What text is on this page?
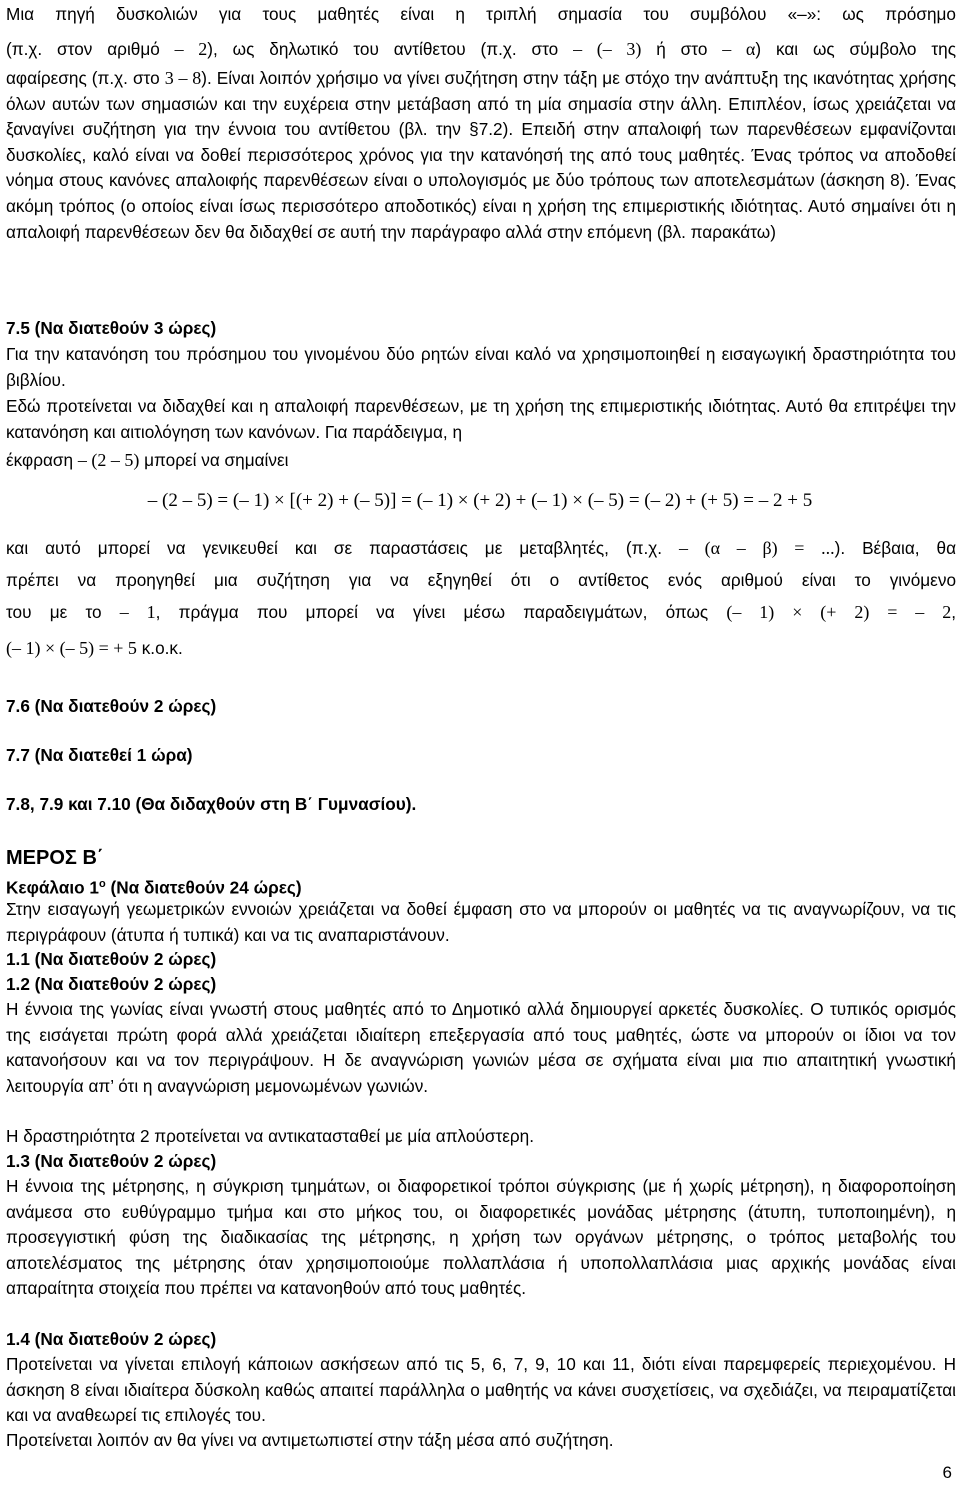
Μια πηγή δυσκολιών για τους μαθητές είναι η τριπλή σημασία του συμβόλου «–»: ως πρόσημο
(π.χ. στον αριθμό – 2), ως δηλωτικό του αντίθετου (π.χ. στο – (– 3) ή στο – α) και ως σύμβολο της

αφαίρεσης (π.χ. στο 3 – 8). Είναι λοιπόν χρήσιμο να γίνει συζήτηση στην τάξη με στόχο την ανάπτυξη της ικανότητας χρήσης όλων αυτών των σημασιών και την ευχέρεια στην μετάβαση από τη μία σημασία στην άλλη. Επιπλέον, ίσως χρειάζεται να ξαναγίνει συζήτηση για την έννοια του αντίθετου (βλ. την §7.2). Επειδή στην απαλοιφή των παρενθέσεων εμφανίζονται δυσκολίες, καλό είναι να δοθεί περισσότερος χρόνος για την κατανόησή της από τους μαθητές. Ένας τρόπος να αποδοθεί νόημα στους κανόνες απαλοιφής παρενθέσεων είναι ο υπολογισμός με δύο τρόπους των αποτελεσμάτων (άσκηση 8). Ένας ακόμη τρόπος (ο οποίος είναι ίσως περισσότερο αποδοτικός) είναι η χρήση της επιμεριστικής ιδιότητας. Αυτό σημαίνει ότι η απαλοιφή παρενθέσεων δεν θα διδαχθεί σε αυτή την παράγραφο αλλά στην επόμενη (βλ. παρακάτω)

7.5 (Να διατεθούν 3 ώρες)

Για την κατανόηση του πρόσημου του γινομένου δύο ρητών είναι καλό να χρησιμοποιηθεί η εισαγωγική δραστηριότητα του βιβλίου.

Εδώ προτείνεται να διδαχθεί και η απαλοιφή παρενθέσεων, με τη χρήση της επιμεριστικής ιδιότητας. Αυτό θα επιτρέψει την κατανόηση και αιτιολόγηση των κανόνων. Για παράδειγμα, η

έκφραση – (2 – 5) μπορεί να σημαίνει
– (2 – 5) = (– 1) × [(+ 2) + (– 5)] = (– 1) × (+ 2) + (– 1) × (– 5) = (– 2) + (+ 5) = – 2 + 5
και αυτό μπορεί να γενικευθεί και σε παραστάσεις με μεταβλητές, (π.χ. – (α – β) = ...). Βέβαια, θα
πρέπει να προηγηθεί μια συζήτηση για να εξηγηθεί ότι ο αντίθετος ενός αριθμού είναι το γινόμενο
του με το – 1, πράγμα που μπορεί να γίνει μέσω παραδειγμάτων, όπως (– 1) × (+ 2) = – 2,
(– 1) × (– 5) = + 5 κ.ο.κ.
7.6 (Να διατεθούν 2 ώρες)
7.7 (Να διατεθεί 1 ώρα)
7.8, 7.9 και 7.10 (Θα διδαχθούν στη Β΄ Γυμνασίου).
ΜΕΡΟΣ Β΄
Κεφάλαιο $1^o$ (Να διατεθούν 24 ώρες)

Στην εισαγωγή γεωμετρικών εννοιών χρειάζεται να δοθεί έμφαση στο να μπορούν οι μαθητές να τις αναγνωρίζουν, να τις περιγράφουν (άτυπα ή τυπικά) και να τις αναπαριστάνουν.

1.1 (Να διατεθούν 2 ώρες)
1.2 (Να διατεθούν 2 ώρες)

Η έννοια της γωνίας είναι γνωστή στους μαθητές από το Δημοτικό αλλά δημιουργεί αρκετές δυσκολίες. Ο τυπικός ορισμός της εισάγεται πρώτη φορά αλλά χρειάζεται ιδιαίτερη επεξεργασία από τους μαθητές, ώστε να μπορούν οι ίδιοι να τον κατανοήσουν και να τον περιγράψουν. Η δε αναγνώριση γωνιών μέσα σε σχήματα είναι μια πιο απαιτητική γνωστική λειτουργία απ’ ότι η αναγνώριση μεμονωμένων γωνιών.

Η δραστηριότητα 2 προτείνεται να αντικατασταθεί με μία απλούστερη.

1.3 (Να διατεθούν 2 ώρες)

Η έννοια της μέτρησης, η σύγκριση τμημάτων, οι διαφορετικοί τρόποι σύγκρισης (με ή χωρίς μέτρηση), η διαφοροποίηση ανάμεσα στο ευθύγραμμο τμήμα και στο μήκος του, οι διαφορετικές μονάδας μέτρησης (άτυπη, τυποποιημένη), η προσεγγιστική φύση της διαδικασίας της μέτρησης, η χρήση των οργάνων μέτρησης, ο τρόπος μεταβολής του αποτελέσματος της μέτρησης όταν χρησιμοποιούμε πολλαπλάσια ή υποπολλαπλάσια μιας αρχικής μονάδας είναι απαραίτητα στοιχεία που πρέπει να κατανοηθούν από τους μαθητές.

1.4 (Να διατεθούν 2 ώρες)

Προτείνεται να γίνεται επιλογή κάποιων ασκήσεων από τις 5, 6, 7, 9, 10 και 11, διότι είναι παρεμφερείς περιεχομένου. Η άσκηση 8 είναι ιδιαίτερα δύσκολη καθώς απαιτεί παράλληλα ο μαθητής να κάνει συσχετίσεις, να σχεδιάζει, να πειραματίζεται και να αναθεωρεί τις επιλογές του.

Προτείνεται λοιπόν αν θα γίνει να αντιμετωπιστεί στην τάξη μέσα από συζήτηση.

6
